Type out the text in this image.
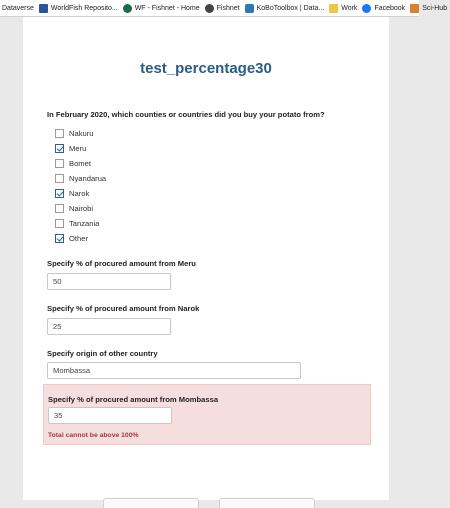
Dataverse WorldFish Reposito... WF - Fishnet - Home Fishnet KoBoToolbox | Data... Work Facebook Sci-Hub
test_percentage30
In February 2020, which counties or countries did you buy your potato from?
Nakuru
Meru
Bomet
Nyandarua
Narok
Nairobi
Tanzania
Other
Specify % of procured amount from Meru
50
Specify % of procured amount from Narok
25
Specify origin of other country
Mombassa
Specify % of procured amount from Mombassa
35
Total cannot be above 100%
